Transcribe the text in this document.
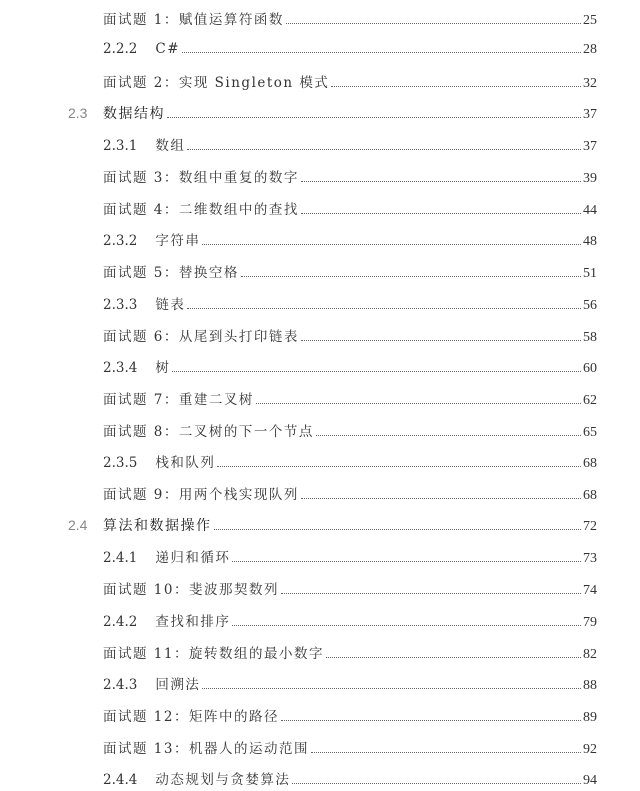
面试题 1：赋值运算符函数	25
2.2.2 C#	28
面试题 2：实现 Singleton 模式	32
2.3 数据结构	37
2.3.1 数组	37
面试题 3：数组中重复的数字	39
面试题 4：二维数组中的查找	44
2.3.2 字符串	48
面试题 5：替换空格	51
2.3.3 链表	56
面试题 6：从尾到头打印链表	58
2.3.4 树	60
面试题 7：重建二叉树	62
面试题 8：二叉树的下一个节点	65
2.3.5 栈和队列	68
面试题 9：用两个栈实现队列	68
2.4 算法和数据操作	72
2.4.1 递归和循环	73
面试题 10：斐波那契数列	74
2.4.2 查找和排序	79
面试题 11：旋转数组的最小数字	82
2.4.3 回溯法	88
面试题 12：矩阵中的路径	89
面试题 13：机器人的运动范围	92
2.4.4 动态规划与贪婪算法	94
